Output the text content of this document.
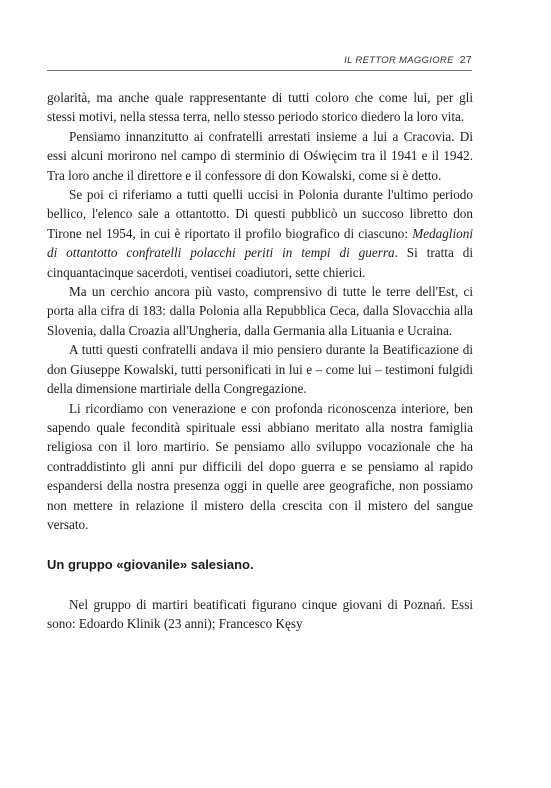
IL RETTOR MAGGIORE 27

golarità, ma anche quale rappresentante di tutti coloro che come lui, per gli stessi motivi, nella stessa terra, nello stesso periodo storico diedero la loro vita.

Pensiamo innanzitutto ai confratelli arrestati insieme a lui a Cracovia. Di essi alcuni morirono nel campo di sterminio di Oświęcim tra il 1941 e il 1942. Tra loro anche il direttore e il confessore di don Kowalski, come si è detto.

Se poi ci riferiamo a tutti quelli uccisi in Polonia durante l'ultimo periodo bellico, l'elenco sale a ottantotto. Di questi pubblicò un succoso libretto don Tirone nel 1954, in cui è riportato il profilo biografico di ciascuno: Medaglioni di ottantotto confratelli polacchi periti in tempi di guerra. Si tratta di cinquantacinque sacerdoti, ventisei coadiutori, sette chierici.

Ma un cerchio ancora più vasto, comprensivo di tutte le terre dell'Est, ci porta alla cifra di 183: dalla Polonia alla Repubblica Ceca, dalla Slovacchia alla Slovenia, dalla Croazia all'Ungheria, dalla Germania alla Lituania e Ucraina.

A tutti questi confratelli andava il mio pensiero durante la Beatificazione di don Giuseppe Kowalski, tutti personificati in lui e – come lui – testimoni fulgidi della dimensione martiriale della Congregazione.

Li ricordiamo con venerazione e con profonda riconoscenza interiore, ben sapendo quale fecondità spirituale essi abbiano meritato alla nostra famiglia religiosa con il loro martirio. Se pensiamo allo sviluppo vocazionale che ha contraddistinto gli anni pur difficili del dopo guerra e se pensiamo al rapido espandersi della nostra presenza oggi in quelle aree geografiche, non possiamo non mettere in relazione il mistero della crescita con il mistero del sangue versato.

Un gruppo «giovanile» salesiano.

Nel gruppo di martiri beatificati figurano cinque giovani di Poznań. Essi sono: Edoardo Klinik (23 anni); Francesco Kęsy
